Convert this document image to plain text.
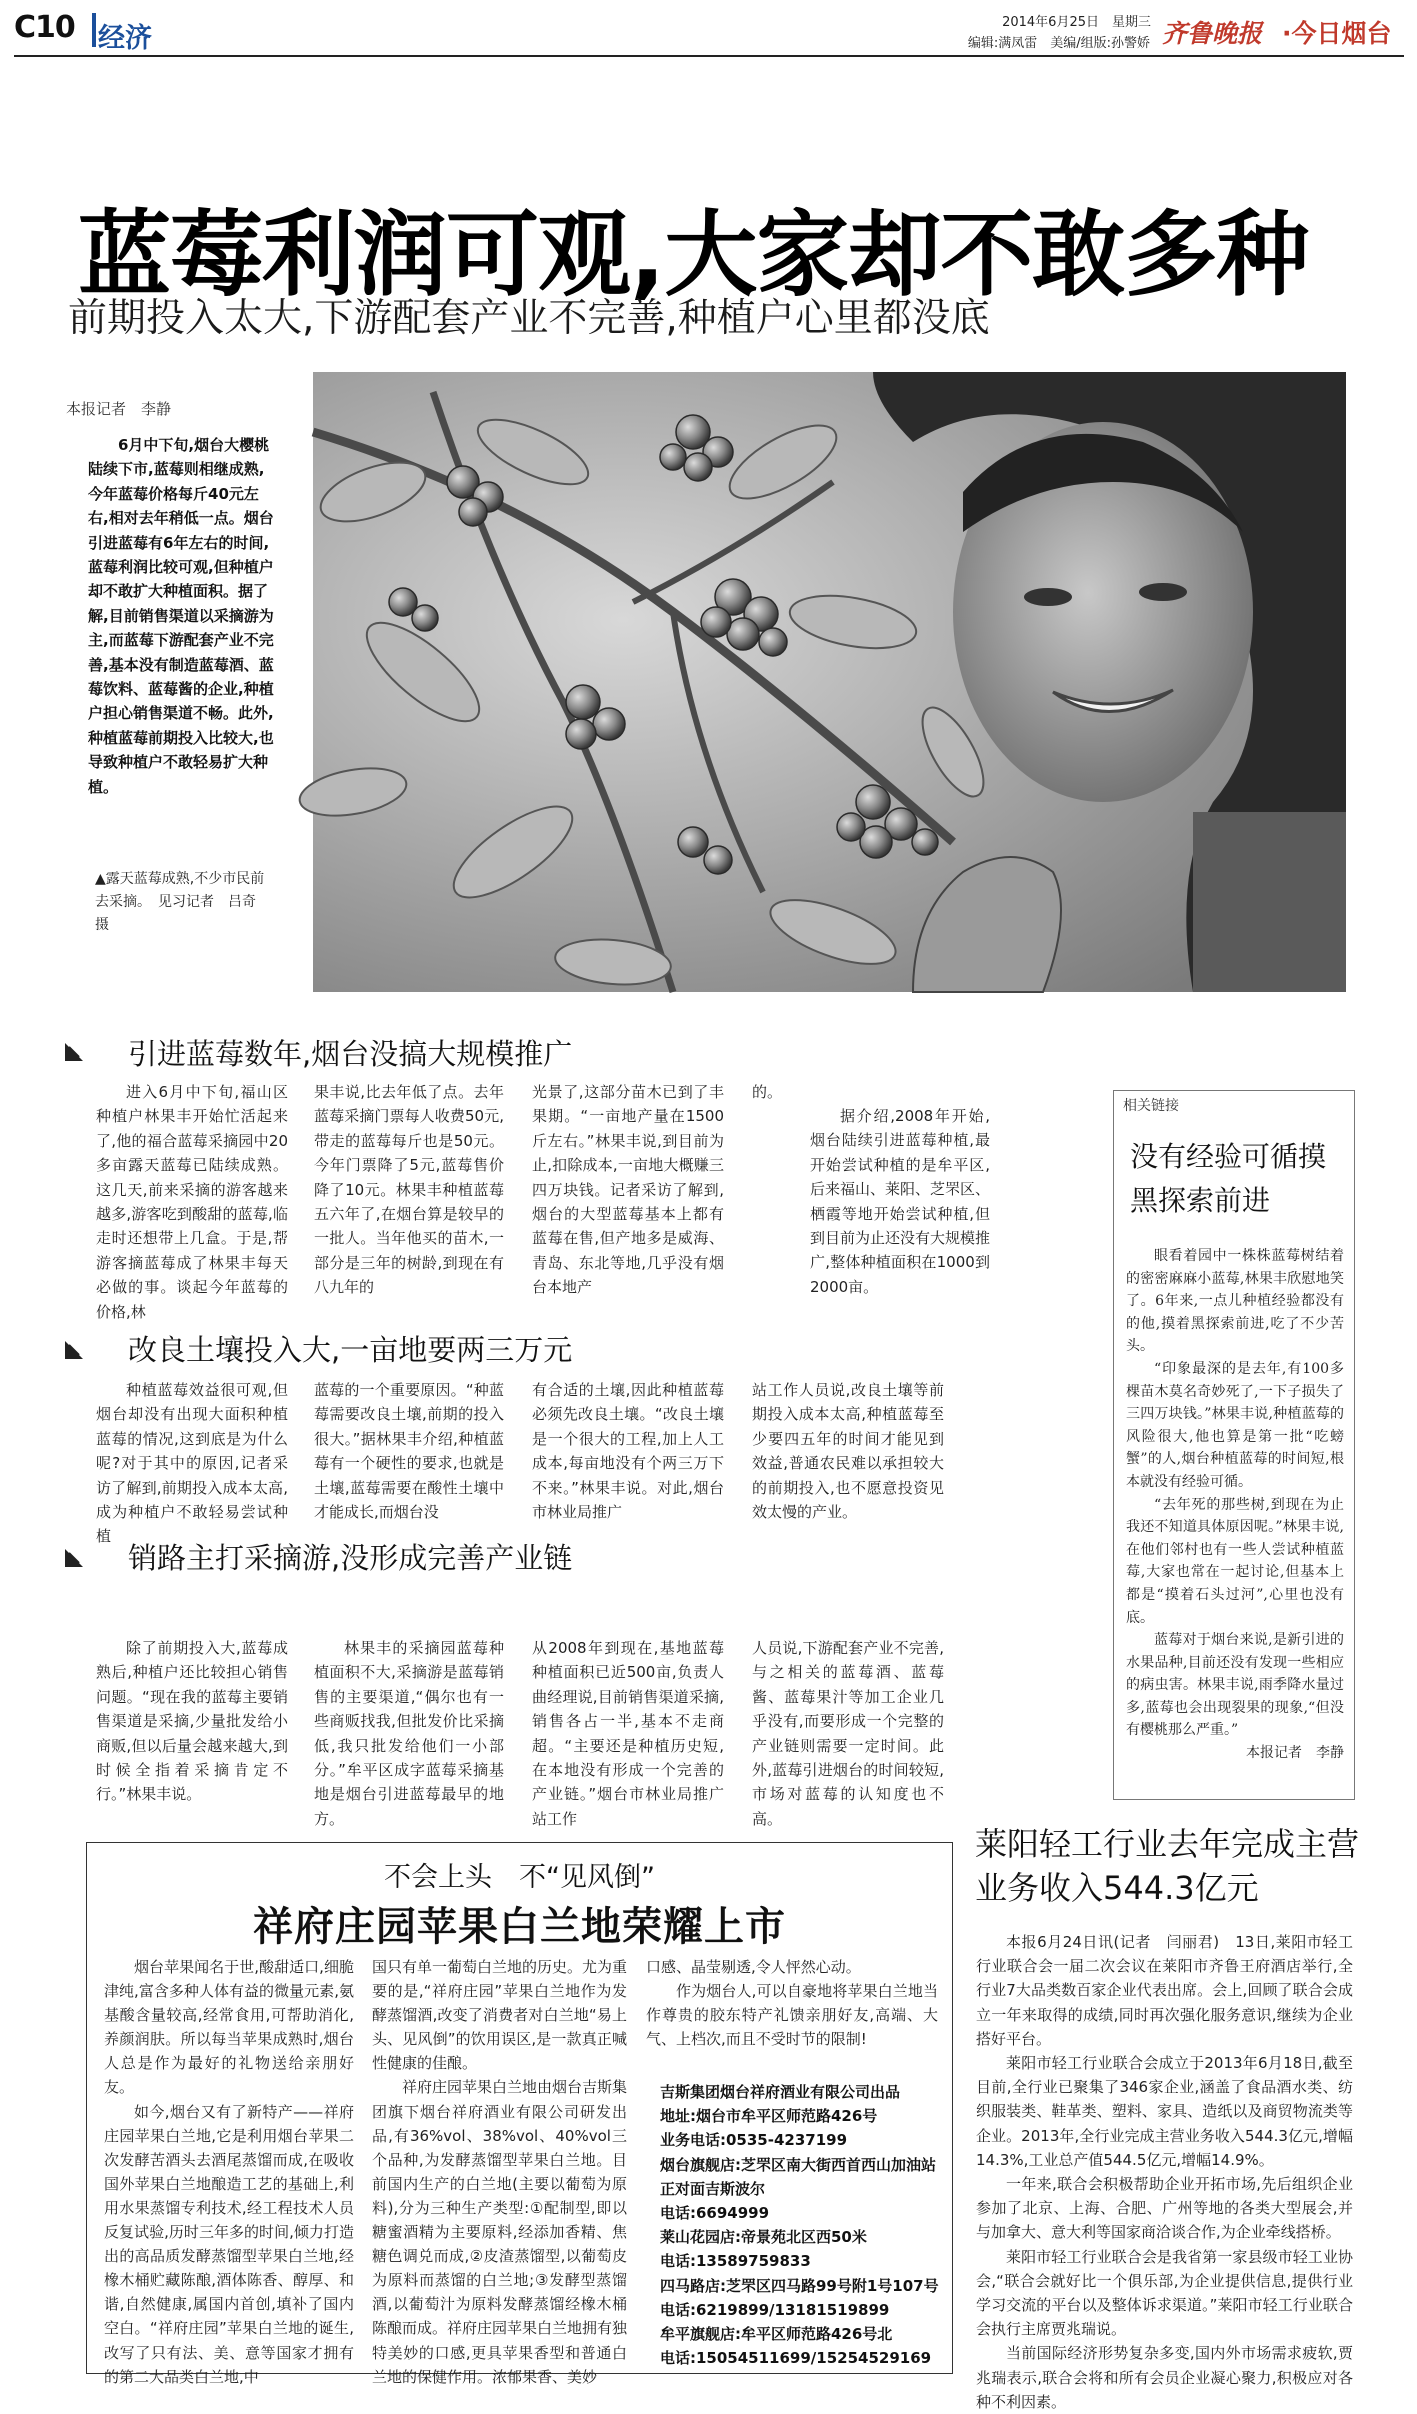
C10 经济
2014年6月25日　星期三
编辑:满凤雷　美编/组版:孙警娇 齐鲁晚报 ·今日烟台
蓝莓利润可观,大家却不敢多种
前期投入太大,下游配套产业不完善,种植户心里都没底
本报记者　李静

6月中下旬,烟台大樱桃陆续下市,蓝莓则相继成熟,今年蓝莓价格每斤40元左右,相对去年稍低一点。烟台引进蓝莓有6年左右的时间,蓝莓利润比较可观,但种植户却不敢扩大种植面积。据了解,目前销售渠道以采摘游为主,而蓝莓下游配套产业不完善,基本没有制造蓝莓酒、蓝莓饮料、蓝莓酱的企业,种植户担心销售渠道不畅。此外,种植蓝莓前期投入比较大,也导致种植户不敢轻易扩大种植。

▲露天蓝莓成熟,不少市民前去采摘。　见习记者　吕奇　摄
引进蓝莓数年,烟台没搞大规模推广
进入6月中下旬,福山区种植户林果丰开始忙活起来了,他的福合蓝莓采摘园中20多亩露天蓝莓已陆续成熟。这几天,前来采摘的游客越来越多,游客吃到酸甜的蓝莓,临走时还想带上几盒。于是,帮游客摘蓝莓成了林果丰每天必做的事。谈起今年蓝莓的价格,林
果丰说,比去年低了点。去年蓝莓采摘门票每人收费50元,带走的蓝莓每斤也是50元。今年门票降了5元,蓝莓售价降了10元。林果丰种植蓝莓五六年了,在烟台算是较早的一批人。当年他买的苗木,一部分是三年的树龄,到现在有八九年的
光景了,这部分苗木已到了丰果期。“一亩地产量在1500斤左右。”林果丰说,到目前为止,扣除成本,一亩地大概赚三四万块钱。记者采访了解到,烟台的大型蓝莓基本上都有蓝莓在售,但产地多是威海、青岛、东北等地,几乎没有烟台本地产
的。
据介绍,2008年开始,烟台陆续引进蓝莓种植,最开始尝试种植的是牟平区,后来福山、莱阳、芝罘区、栖霞等地开始尝试种植,但到目前为止还没有大规模推广,整体种植面积在1000到2000亩。
改良土壤投入大,一亩地要两三万元
种植蓝莓效益很可观,但烟台却没有出现大面积种植蓝莓的情况,这到底是为什么呢?对于其中的原因,记者采访了解到,前期投入成本太高,成为种植户不敢轻易尝试种植
蓝莓的一个重要原因。“种蓝莓需要改良土壤,前期的投入很大。”据林果丰介绍,种植蓝莓有一个硬性的要求,也就是土壤,蓝莓需要在酸性土壤中才能成长,而烟台没
有合适的土壤,因此种植蓝莓必须先改良土壤。“改良土壤是一个很大的工程,加上人工成本,每亩地没有个两三万下不来。”林果丰说。对此,烟台市林业局推广
站工作人员说,改良土壤等前期投入成本太高,种植蓝莓至少要四五年的时间才能见到效益,普通农民难以承担较大的前期投入,也不愿意投资见效太慢的产业。
销路主打采摘游,没形成完善产业链
除了前期投入大,蓝莓成熟后,种植户还比较担心销售问题。“现在我的蓝莓主要销售渠道是采摘,少量批发给小商贩,但以后量会越来越大,到时候全指着采摘肯定不行。”林果丰说。
林果丰的采摘园蓝莓种植面积不大,采摘游是蓝莓销售的主要渠道,“偶尔也有一些商贩找我,但批发价比采摘低,我只批发给他们一小部分。”牟平区成字蓝莓采摘基地是烟台引进蓝莓最早的地方。
从2008年到现在,基地蓝莓种植面积已近500亩,负责人曲经理说,目前销售渠道采摘,销售各占一半,基本不走商超。“主要还是种植历史短,在本地没有形成一个完善的产业链。”烟台市林业局推广站工作
人员说,下游配套产业不完善,与之相关的蓝莓酒、蓝莓酱、蓝莓果汁等加工企业几乎没有,而要形成一个完整的产业链则需要一定时间。此外,蓝莓引进烟台的时间较短,市场对蓝莓的认知度也不高。
相关链接
没有经验可循摸黑探索前进

眼看着园中一株株蓝莓树结着的密密麻麻小蓝莓,林果丰欣慰地笑了。6年来,一点儿种植经验都没有的他,摸着黑探索前进,吃了不少苦头。

“印象最深的是去年,有100多棵苗木莫名奇妙死了,一下子损失了三四万块钱。”林果丰说,种植蓝莓的风险很大,他也算是第一批“吃螃蟹”的人,烟台种植蓝莓的时间短,根本就没有经验可循。

“去年死的那些树,到现在为止我还不知道具体原因呢。”林果丰说,在他们邻村也有一些人尝试种植蓝莓,大家也常在一起讨论,但基本上都是“摸着石头过河”,心里也没有底。

蓝莓对于烟台来说,是新引进的水果品种,目前还没有发现一些相应的病虫害。林果丰说,雨季降水量过多,蓝莓也会出现裂果的现象,“但没有樱桃那么严重。”

本报记者　李静

不会上头　不“见风倒”
祥府庄园苹果白兰地荣耀上市

烟台苹果闻名于世,酸甜适口,细脆津纯,富含多种人体有益的微量元素,氨基酸含量较高,经常食用,可帮助消化,养颜润肤。所以每当苹果成熟时,烟台人总是作为最好的礼物送给亲朋好友。

如今,烟台又有了新特产——祥府庄园苹果白兰地,它是利用烟台苹果二次发酵苦酒头去酒尾蒸馏而成,在吸收国外苹果白兰地酿造工艺的基础上,利用水果蒸馏专利技术,经工程技术人员反复试验,历时三年多的时间,倾力打造出的高品质发酵蒸馏型苹果白兰地,经橡木桶贮藏陈酿,酒体陈香、醇厚、和谐,自然健康,属国内首创,填补了国内空白。“祥府庄园”苹果白兰地的诞生,改写了只有法、美、意等国家才拥有的第二大品类白兰地,中

国只有单一葡萄白兰地的历史。尤为重要的是,“祥府庄园”苹果白兰地作为发酵蒸馏酒,改变了消费者对白兰地“易上头、见风倒”的饮用误区,是一款真正喊性健康的佳酿。

祥府庄园苹果白兰地由烟台吉斯集团旗下烟台祥府酒业有限公司研发出品,有36%vol、38%vol、40%vol三个品种,为发酵蒸馏型苹果白兰地。目前国内生产的白兰地(主要以葡萄为原料),分为三种生产类型:①配制型,即以糖蜜酒精为主要原料,经添加香精、焦糖色调兑而成,②皮渣蒸馏型,以葡萄皮为原料而蒸馏的白兰地;③发酵型蒸馏酒,以葡萄汁为原料发酵蒸馏经橡木桶陈酿而成。祥府庄园苹果白兰地拥有独特美妙的口感,更具苹果香型和普通白兰地的保健作用。浓郁果香、美妙

口感、晶莹剔透,令人怦然心动。

作为烟台人,可以自豪地将苹果白兰地当作尊贵的胶东特产礼馈亲朋好友,高端、大气、上档次,而且不受时节的限制!

吉斯集团烟台祥府酒业有限公司出品
地址:烟台市牟平区师范路426号
业务电话:0535-4237199
烟台旗舰店:芝罘区南大街西首西山加油站正对面吉斯波尔
电话:6694999
莱山花园店:帝景苑北区西50米
电话:13589759833
四马路店:芝罘区四马路99号附1号107号
电话:6219899/13181519899
牟平旗舰店:牟平区师范路426号北
电话:15054511699/15254529169
莱阳轻工行业去年完成主营业务收入544.3亿元

本报6月24日讯(记者　闫丽君)　13日,莱阳市轻工行业联合会一届二次会议在莱阳市齐鲁王府酒店举行,全行业7大品类数百家企业代表出席。会上,回顾了联合会成立一年来取得的成绩,同时再次强化服务意识,继续为企业搭好平台。

莱阳市轻工行业联合会成立于2013年6月18日,截至目前,全行业已聚集了346家企业,涵盖了食品酒水类、纺织服装类、鞋革类、塑料、家具、造纸以及商贸物流类等企业。2013年,全行业完成主营业务收入544.3亿元,增幅14.3%,工业总产值544.5亿元,增幅14.9%。

一年来,联合会积极帮助企业开拓市场,先后组织企业参加了北京、上海、合肥、广州等地的各类大型展会,并与加拿大、意大利等国家商洽谈合作,为企业牵线搭桥。

莱阳市轻工行业联合会是我省第一家县级市轻工业协会,“联合会就好比一个俱乐部,为企业提供信息,提供行业学习交流的平台以及整体诉求渠道。”莱阳市轻工行业联合会执行主席贾兆瑞说。

当前国际经济形势复杂多变,国内外市场需求疲软,贾兆瑞表示,联合会将和所有会员企业凝心聚力,积极应对各种不利因素。
